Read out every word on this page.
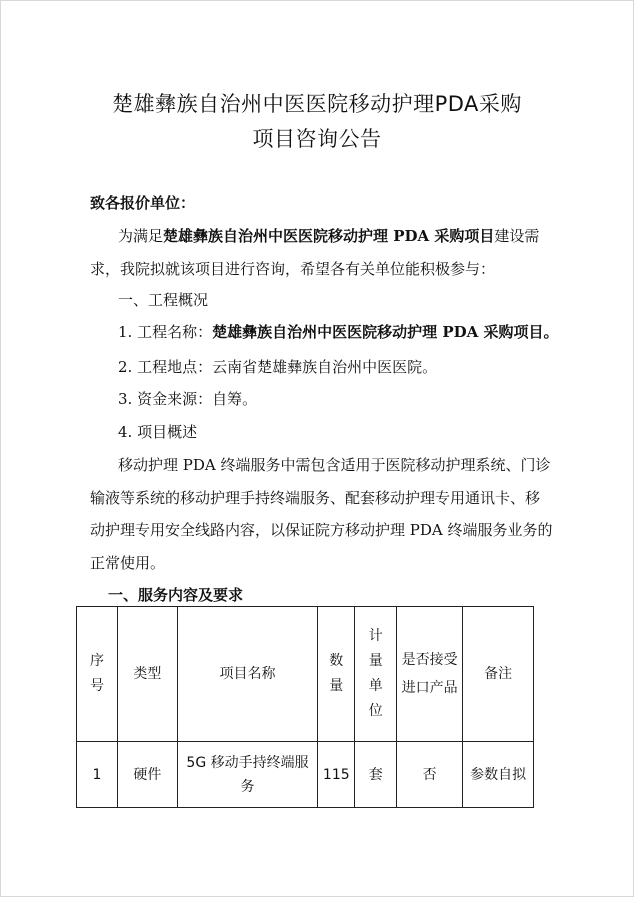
楚雄彝族自治州中医医院移动护理PDA采购
项目咨询公告
致各报价单位：
为满足楚雄彝族自治州中医医院移动护理 PDA 采购项目建设需
求，我院拟就该项目进行咨询，希望各有关单位能积极参与：
一、工程概况
1. 工程名称：楚雄彝族自治州中医医院移动护理 PDA 采购项目。
2. 工程地点：云南省楚雄彝族自治州中医医院。
3. 资金来源：自筹。
4. 项目概述
移动护理 PDA 终端服务中需包含适用于医院移动护理系统、门诊
输液等系统的移动护理手持终端服务、配套移动护理专用通讯卡、移
动护理专用安全线路内容，以保证院方移动护理 PDA 终端服务业务的
正常使用。
一、服务内容及要求
序号	类型	项目名称	数量	计量单位	是否接受进口产品	备注
1	硬件	5G 移动手持终端服务	115	套	否	参数自拟
